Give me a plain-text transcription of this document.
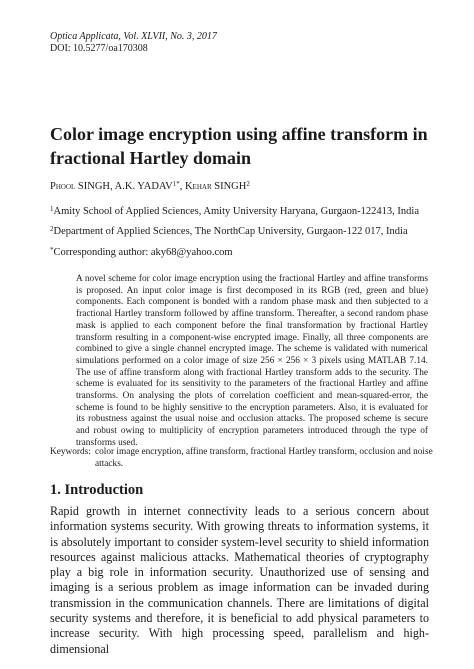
Optica Applicata, Vol. XLVII, No. 3, 2017
DOI: 10.5277/oa170308
Color image encryption using affine transform in fractional Hartley domain
Phool SINGH, A.K. $YADAV^{1*}$, Kehar SINGH$^2$
$^1$Amity School of Applied Sciences, Amity University Haryana, Gurgaon-122413, India
$^2$Department of Applied Sciences, The NorthCap University, Gurgaon-122 017, India
*Corresponding author: aky68@yahoo.com

A novel scheme for color image encryption using the fractional Hartley and affine transforms is proposed. An input color image is first decomposed in its RGB (red, green and blue) components. Each component is bonded with a random phase mask and then subjected to a fractional Hartley transform followed by affine transform. Thereafter, a second random phase mask is applied to each component before the final transformation by fractional Hartley transform resulting in a component-wise encrypted image. Finally, all three components are combined to give a single channel encrypted image. The scheme is validated with numerical simulations performed on a color image of size 256 × 256 × 3 pixels using MATLAB 7.14. The use of affine transform along with fractional Hartley transform adds to the security. The scheme is evaluated for its sensitivity to the parameters of the fractional Hartley and affine transforms. On analysing the plots of correlation coefficient and mean-squared-error, the scheme is found to be highly sensitive to the encryption parameters. Also, it is evaluated for its robustness against the usual noise and occlusion attacks. The proposed scheme is secure and robust owing to multiplicity of encryption parameters introduced through the type of transforms used.

Keywords: color image encryption, affine transform, fractional Hartley transform, occlusion and noise attacks.

1. Introduction

Rapid growth in internet connectivity leads to a serious concern about information systems security. With growing threats to information systems, it is absolutely important to consider system-level security to shield information resources against malicious attacks. Mathematical theories of cryptography play a big role in information security. Unauthorized use of sensing and imaging is a serious problem as image information can be invaded during transmission in the communication channels. There are limitations of digital security systems and therefore, it is beneficial to add physical parameters to increase security. With high processing speed, parallelism and high-dimensional
